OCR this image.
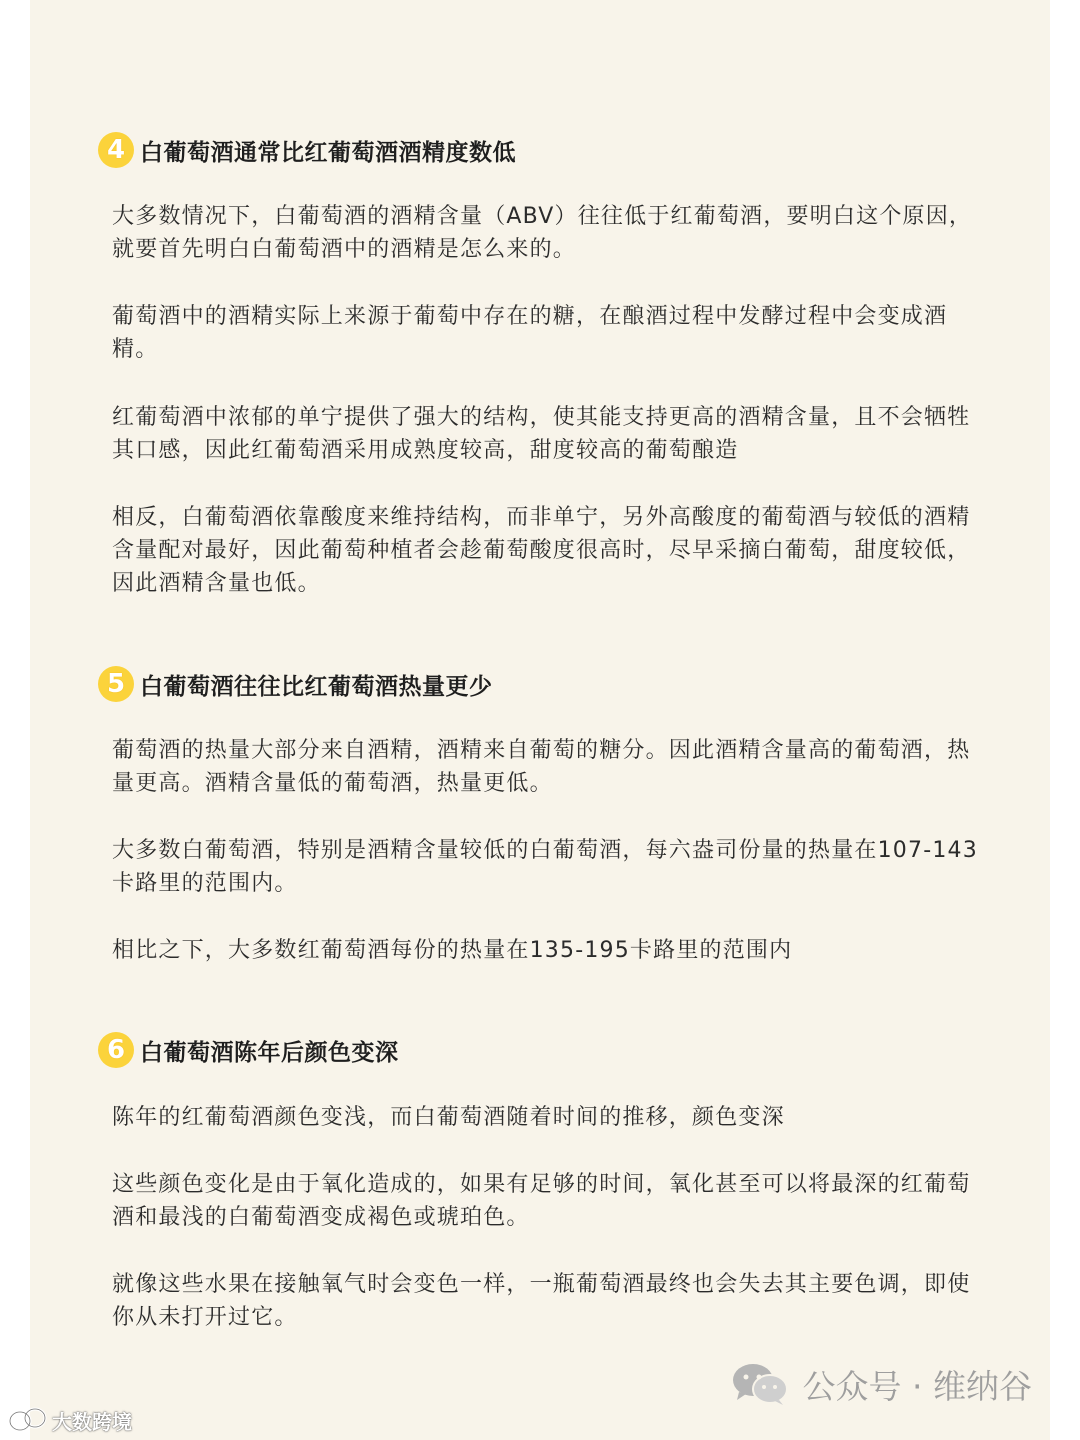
4 白葡萄酒通常比红葡萄酒酒精度数低
大多数情况下，白葡萄酒的酒精含量（ABV）往往低于红葡萄酒，要明白这个原因，就要首先明白白葡萄酒中的酒精是怎么来的。
葡萄酒中的酒精实际上来源于葡萄中存在的糖，在酿酒过程中发酵过程中会变成酒精。
红葡萄酒中浓郁的单宁提供了强大的结构，使其能支持更高的酒精含量，且不会牺牲其口感，因此红葡萄酒采用成熟度较高，甜度较高的葡萄酿造
相反，白葡萄酒依靠酸度来维持结构，而非单宁，另外高酸度的葡萄酒与较低的酒精含量配对最好，因此葡萄种植者会趁葡萄酸度很高时，尽早采摘白葡萄，甜度较低，因此酒精含量也低。
5 白葡萄酒往往比红葡萄酒热量更少
葡萄酒的热量大部分来自酒精，酒精来自葡萄的糖分。因此酒精含量高的葡萄酒，热量更高。酒精含量低的葡萄酒，热量更低。
大多数白葡萄酒，特别是酒精含量较低的白葡萄酒，每六盎司份量的热量在107-143卡路里的范围内。
相比之下，大多数红葡萄酒每份的热量在135-195卡路里的范围内
6 白葡萄酒陈年后颜色变深
陈年的红葡萄酒颜色变浅，而白葡萄酒随着时间的推移，颜色变深
这些颜色变化是由于氧化造成的，如果有足够的时间，氧化甚至可以将最深的红葡萄酒和最浅的白葡萄酒变成褐色或琥珀色。
就像这些水果在接触氧气时会变色一样，一瓶葡萄酒最终也会失去其主要色调，即使你从未打开过它。
公众号 · 维纳谷
大数跨境
